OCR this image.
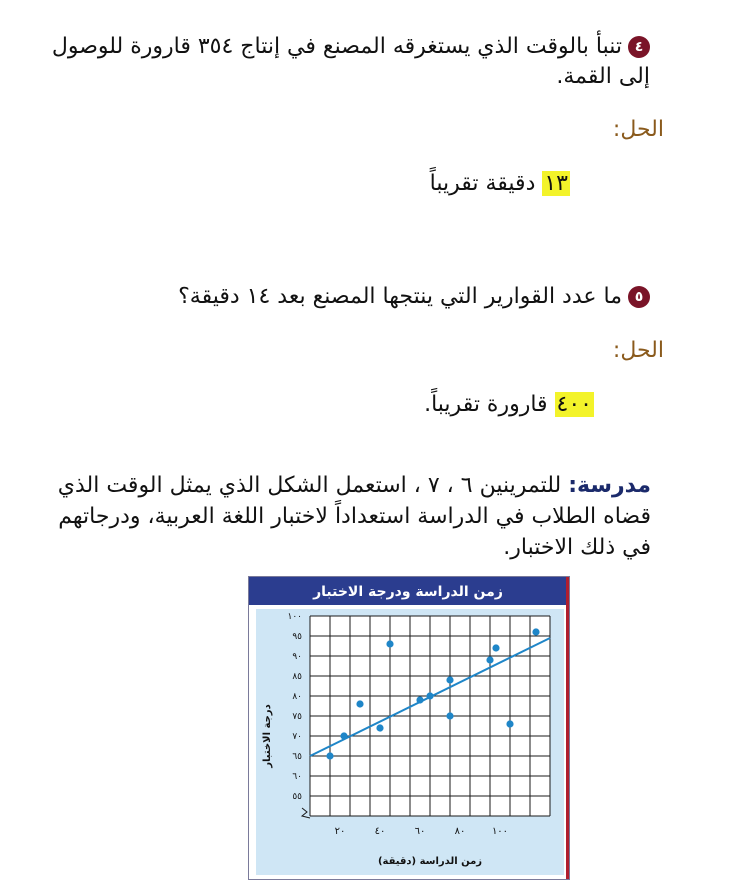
٤تنبأ بالوقت الذي يستغرقه المصنع في إنتاج ٣٥٤ قارورة للوصول إلى القمة.
الحل:
١٣ دقيقة تقريباً
٥ما عدد القوارير التي ينتجها المصنع بعد ١٤ دقيقة؟
الحل:
٤٠٠ قارورة تقريباً.
مدرسة: للتمرينين ٦ ، ٧ ، استعمل الشكل الذي يمثل الوقت الذي قضاه الطلاب في الدراسة استعداداً لاختبار اللغة العربية، ودرجاتهم في ذلك الاختبار.
زمن الدراسة ودرجة الاختبار
٢٠	٤٠	٦٠	٨٠	١٠٠
٥٥
٦٠
٦٥
٧٠
٧٥
٨٠
٨٥
٩٠
٩٥
١٠٠
زمن الدراسة (دقيقة)
درجة الاختبار
